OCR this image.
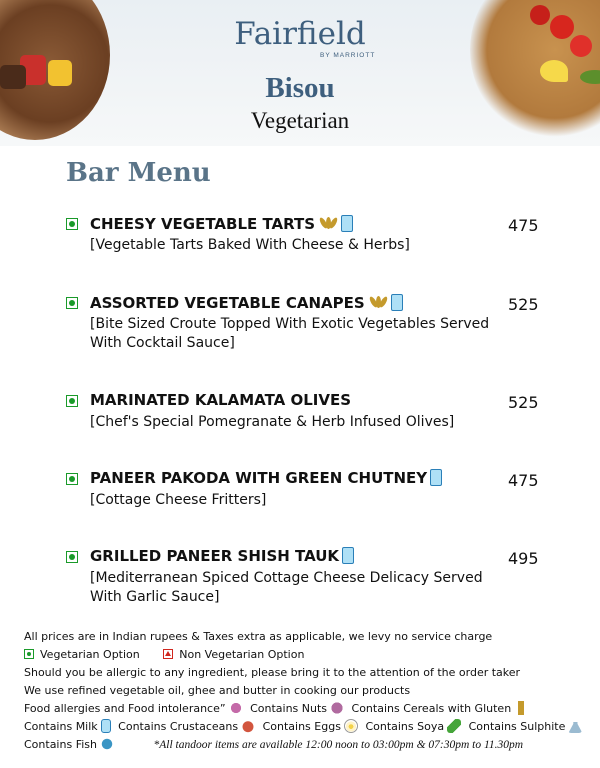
Fairfield
BY MARRIOTT
Bisou
Vegetarian
Bar Menu
CHEESY VEGETABLE TARTS
[Vegetable Tarts Baked With Cheese & Herbs]
475
ASSORTED VEGETABLE CANAPES
[Bite Sized Croute Topped With Exotic Vegetables Served With Cocktail Sauce]
525
MARINATED KALAMATA OLIVES
[Chef's Special Pomegranate & Herb Infused Olives]
525
PANEER PAKODA WITH GREEN CHUTNEY
[Cottage Cheese Fritters]
475
GRILLED PANEER SHISH TAUK
[Mediterranean Spiced Cottage Cheese Delicacy Served With Garlic Sauce]
495
All prices are in Indian rupees & Taxes extra as applicable, we levy no service charge
Vegetarian Option	Non Vegetarian Option
Should you be allergic to any ingredient, please bring it to the attention of the order taker
We use refined vegetable oil, ghee and butter in cooking our products
Food allergies and Food intolerance” Contains Nuts Contains Cereals with Gluten
Contains Milk Contains Crustaceans Contains Eggs Contains Soya Contains Sulphite
Contains Fish	*All tandoor items are available 12:00 noon to 03:00pm & 07:30pm to 11.30pm
